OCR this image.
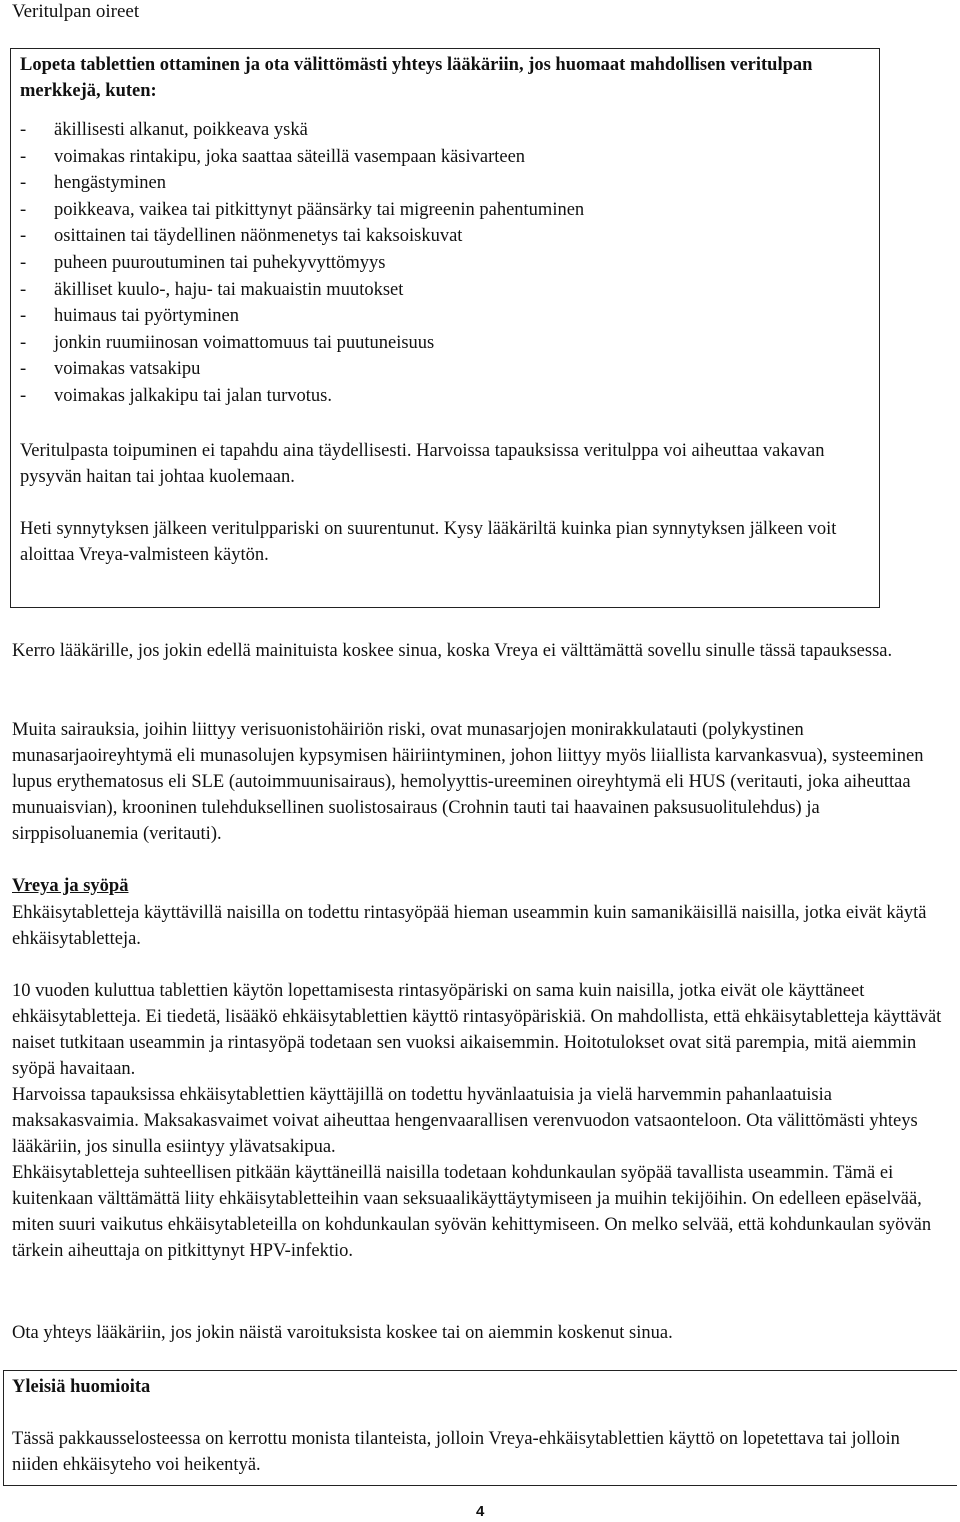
Veritulpan oireet
Lopeta tablettien ottaminen ja ota välittömästi yhteys lääkäriin, jos huomaat mahdollisen veritulpan merkkejä, kuten:
- äkillisesti alkanut, poikkeava yskä
- voimakas rintakipu, joka saattaa säteillä vasempaan käsivarteen
- hengästyminen
- poikkeava, vaikea tai pitkittynyt päänsärky tai migreenin pahentuminen
- osittainen tai täydellinen näönmenetys tai kaksoiskuvat
- puheen puuroutuminen tai puhekyvyttömyys
- äkilliset kuulo-, haju- tai makuaistin muutokset
- huimaus tai pyörtyminen
- jonkin ruumiinosan voimattomuus tai puutuneisuus
- voimakas vatsakipu
- voimakas jalkakipu tai jalan turvotus.

Veritulpasta toipuminen ei tapahdu aina täydellisesti. Harvoissa tapauksissa veritulppa voi aiheuttaa vakavan pysyvän haitan tai johtaa kuolemaan.

Heti synnytyksen jälkeen veritulppariski on suurentunut. Kysy lääkäriltä kuinka pian synnytyksen jälkeen voit aloittaa Vreya-valmisteen käytön.

Kerro lääkärille, jos jokin edellä mainituista koskee sinua, koska Vreya ei välttämättä sovellu sinulle tässä tapauksessa.

Muita sairauksia, joihin liittyy verisuonistohäiriön riski, ovat munasarjojen monirakkulatauti (polykystinen munasarjaoireyhtymä eli munasolujen kypsymisen häiriintyminen, johon liittyy myös liiallista karvankasvua), systeeminen lupus erythematosus eli SLE (autoimmuunisairaus), hemolyyttis-ureeminen oireyhtymä eli HUS (veritauti, joka aiheuttaa munuaisvian), krooninen tulehduksellinen suolistosairaus (Crohnin tauti tai haavainen paksusuolitulehdus) ja sirppisoluanemia (veritauti).

Vreya ja syöpä

Ehkäisytabletteja käyttävillä naisilla on todettu rintasyöpää hieman useammin kuin samanikäisillä naisilla, jotka eivät käytä ehkäisytabletteja.

10 vuoden kuluttua tablettien käytön lopettamisesta rintasyöpäriski on sama kuin naisilla, jotka eivät ole käyttäneet ehkäisytabletteja. Ei tiedetä, lisääkö ehkäisytablettien käyttö rintasyöpäriskiä. On mahdollista, että ehkäisytabletteja käyttävät naiset tutkitaan useammin ja rintasyöpä todetaan sen vuoksi aikaisemmin. Hoitotulokset ovat sitä parempia, mitä aiemmin syöpä havaitaan.
Harvoissa tapauksissa ehkäisytablettien käyttäjillä on todettu hyvänlaatuisia ja vielä harvemmin pahanlaatuisia maksakasvaimia. Maksakasvaimet voivat aiheuttaa hengenvaarallisen verenvuodon vatsaonteloon. Ota välittömästi yhteys lääkäriin, jos sinulla esiintyy ylävatsakipua.
Ehkäisytabletteja suhteellisen pitkään käyttäneillä naisilla todetaan kohdunkaulan syöpää tavallista useammin. Tämä ei kuitenkaan välttämättä liity ehkäisytabletteihin vaan seksuaalikäyttäytymiseen ja muihin tekijöihin. On edelleen epäselvää, miten suuri vaikutus ehkäisytableteilla on kohdunkaulan syövän kehittymiseen. On melko selvää, että kohdunkaulan syövän tärkein aiheuttaja on pitkittynyt HPV-infektio.

Ota yhteys lääkäriin, jos jokin näistä varoituksista koskee tai on aiemmin koskenut sinua.

Yleisiä huomioita

Tässä pakkausselosteessa on kerrottu monista tilanteista, jolloin Vreya-ehkäisytablettien käyttö on lopetettava tai jolloin niiden ehkäisyteho voi heikentyä.

4
